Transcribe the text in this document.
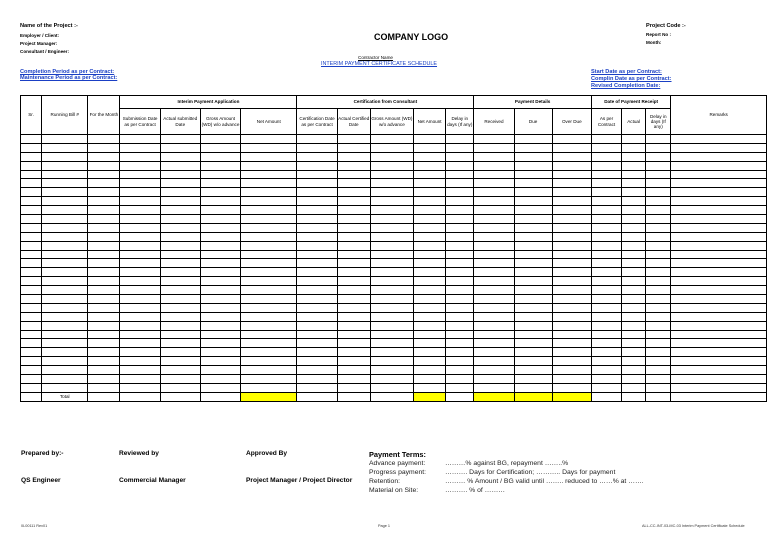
Name of the Project :-
Employer / Client:
Project Manager:
Consultant / Engineer:
COMPANY LOGO
Contractor Name
INTERIM PAYMENT CERTIFICATE SCHEDULE
Project Code :-
Report No :
Month:
Completion Period as per Contract:
Maintenance Period as per Contract:
Start Date as per Contract:
Complin Date as per Contract:
Revised Completion Date:
Sr.	Running Bill #	For the Month	Interim Payment Application				Certification from Consultant					Payment Details			Date of Payment Receipt			Remarks
			Submission Date as per Contract	Actual submitted Date	Gross Amount (WD) w/o advance	Net Amount	Certification Date as per Contract	Actual Certified Date	Gross Amount (WD) w/o advance	Net Amount	Delay in days (If any)	Received	Due	Over Due	As per Contract	Actual	Delay in days (If any)	

	Total																	
Prepared by:-	Reviewed by	Approved By
QS Engineer	Commercial Manager	Project Manager / Project Director
Payment Terms:
Advance payment:	………% against BG, repayment ……..%
Progress payment:	………. Days for Certification; ……….. Days for payment
Retention:	……… % Amount / BG valid until …….. reduced to ……% at …….
Material on Site:	………. % of ………
0L00111 Rev01	Page 1	ALL-CC-INT-03-MC-03 Interim Payment Certificate Schedule
